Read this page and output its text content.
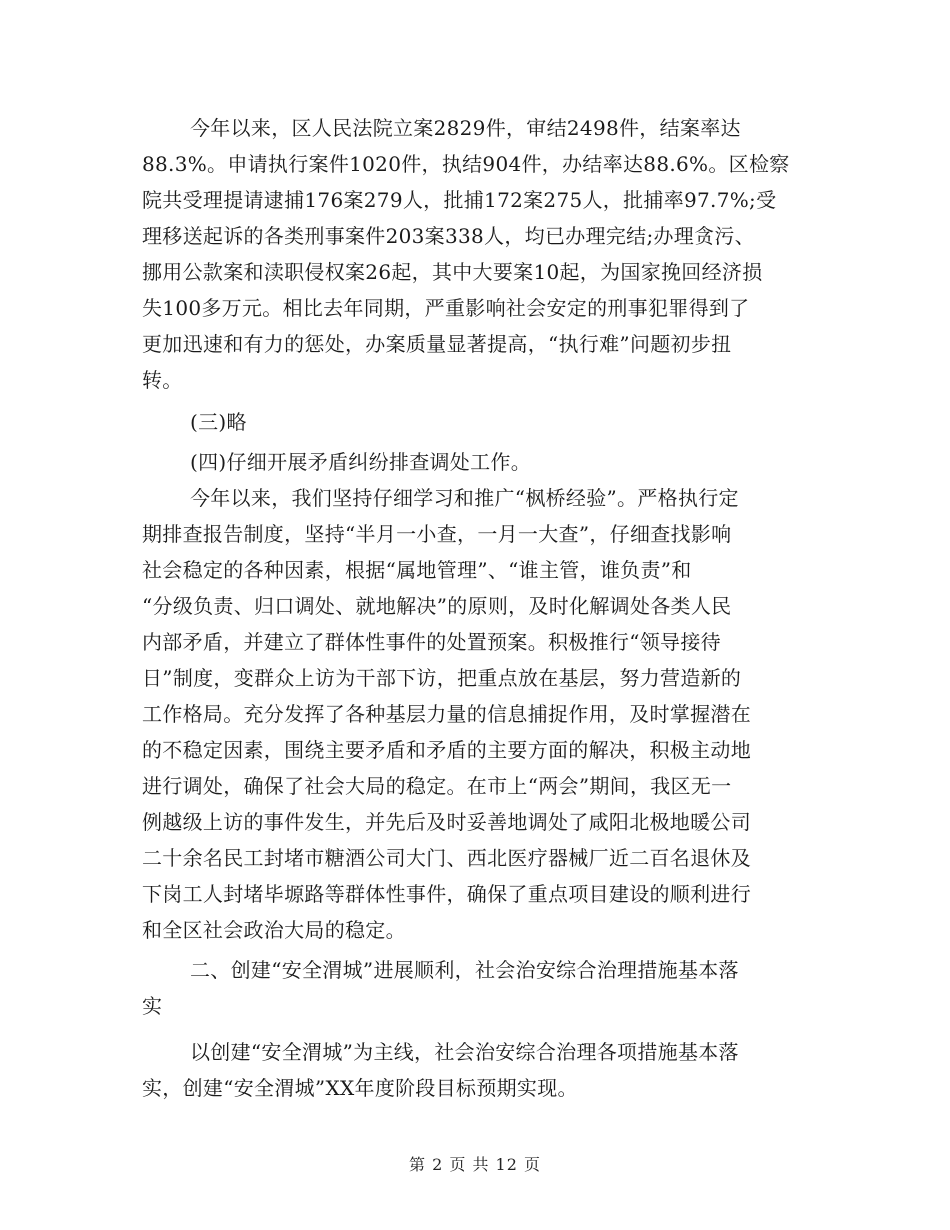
今年以来，区人民法院立案2829件，审结2498件，结案率达
88.3%。申请执行案件1020件，执结904件，办结率达88.6%。区检察
院共受理提请逮捕176案279人，批捕172案275人，批捕率97.7%;受
理移送起诉的各类刑事案件203案338人，均已办理完结;办理贪污、
挪用公款案和渎职侵权案26起，其中大要案10起，为国家挽回经济损
失100多万元。相比去年同期，严重影响社会安定的刑事犯罪得到了
更加迅速和有力的惩处，办案质量显著提高，“执行难”问题初步扭
转。
(三)略
(四)仔细开展矛盾纠纷排查调处工作。
今年以来，我们坚持仔细学习和推广“枫桥经验”。严格执行定
期排查报告制度，坚持“半月一小查，一月一大查”，仔细查找影响
社会稳定的各种因素，根据“属地管理”、“谁主管，谁负责”和
“分级负责、归口调处、就地解决”的原则，及时化解调处各类人民
内部矛盾，并建立了群体性事件的处置预案。积极推行“领导接待
日”制度，变群众上访为干部下访，把重点放在基层，努力营造新的
工作格局。充分发挥了各种基层力量的信息捕捉作用，及时掌握潜在
的不稳定因素，围绕主要矛盾和矛盾的主要方面的解决，积极主动地
进行调处，确保了社会大局的稳定。在市上“两会”期间，我区无一
例越级上访的事件发生，并先后及时妥善地调处了咸阳北极地暖公司
二十余名民工封堵市糖酒公司大门、西北医疗器械厂近二百名退休及
下岗工人封堵毕塬路等群体性事件，确保了重点项目建设的顺利进行
和全区社会政治大局的稳定。
二、创建“安全渭城”进展顺利，社会治安综合治理措施基本落
实
以创建“安全渭城”为主线，社会治安综合治理各项措施基本落
实，创建“安全渭城”XX年度阶段目标预期实现。
第 2 页 共 12 页
